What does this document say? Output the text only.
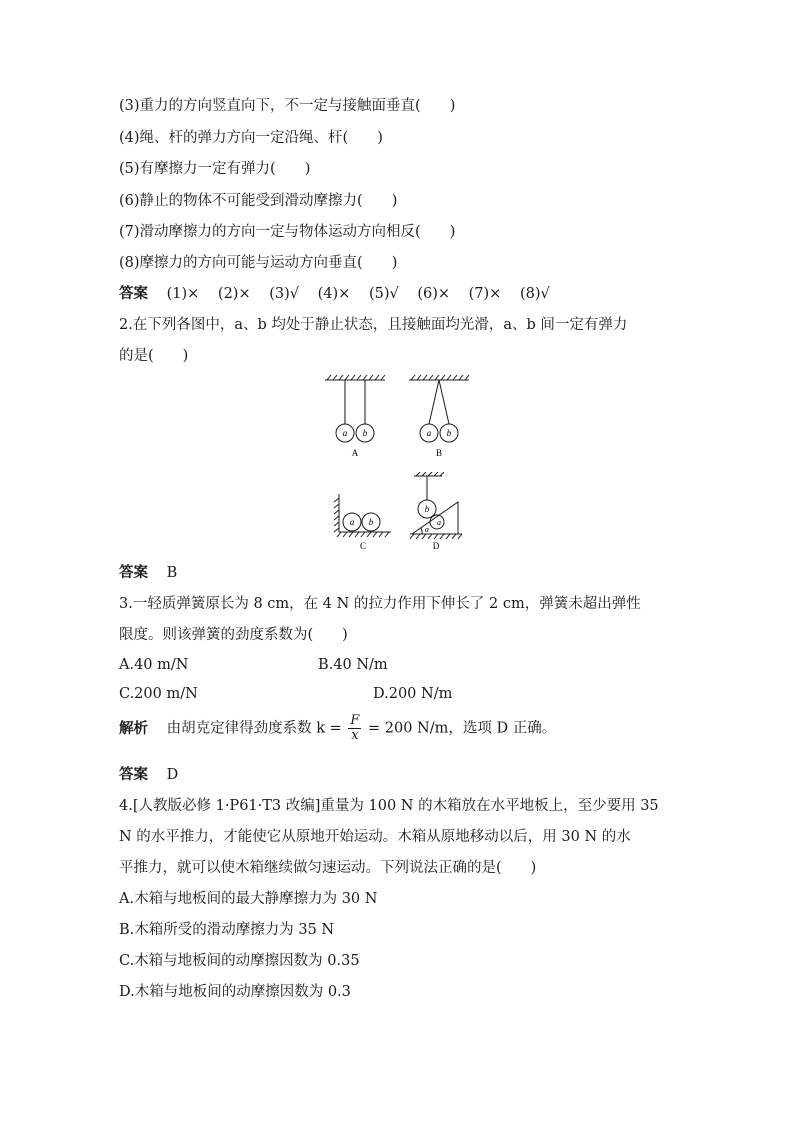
(3)重力的方向竖直向下，不一定与接触面垂直(　　)
(4)绳、杆的弹力方向一定沿绳、杆(　　)
(5)有摩擦力一定有弹力(　　)
(6)静止的物体不可能受到滑动摩擦力(　　)
(7)滑动摩擦力的方向一定与物体运动方向相反(　　)
(8)摩擦力的方向可能与运动方向垂直(　　)
答案 (1)× (2)× (3)√ (4)× (5)√ (6)× (7)× (8)√
2.在下列各图中，a、b 均处于静止状态，且接触面均光滑，a、b 间一定有弹力
的是(　　)
a b
A
a b
B
a b
C
b
a
α
D
答案 B
3.一轻质弹簧原长为 8 cm，在 4 N 的拉力作用下伸长了 2 cm，弹簧未超出弹性
限度。则该弹簧的劲度系数为(　　)
A.40 m/N	B.40 N/m
C.200 m/N	D.200 N/m
解析 由胡克定律得劲度系数 $k = \frac{F}{x} = 200$ N/m，选项 D 正确。
答案 D
4.[人教版必修 1·P61·T3 改编]重量为 100 N 的木箱放在水平地板上，至少要用 35
N 的水平推力，才能使它从原地开始运动。木箱从原地移动以后，用 30 N 的水
平推力，就可以使木箱继续做匀速运动。下列说法正确的是(　　)
A.木箱与地板间的最大静摩擦力为 30 N
B.木箱所受的滑动摩擦力为 35 N
C.木箱与地板间的动摩擦因数为 0.35
D.木箱与地板间的动摩擦因数为 0.3
